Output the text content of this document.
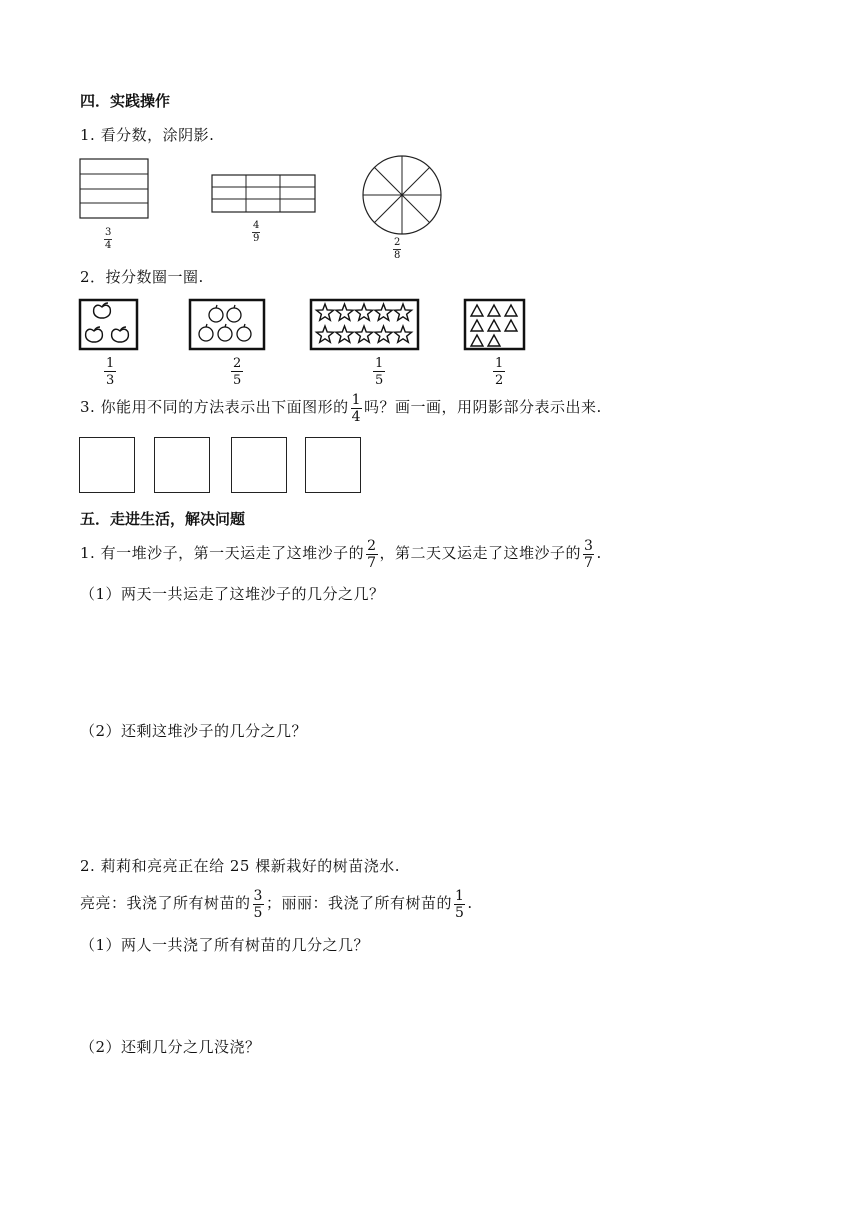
四．实践操作
1. 看分数，涂阴影.
3
4
4
9	2
8
2．按分数圈一圈.
1
3
2
5
1
5
1
2
3. 你能用不同的方法表示出下面图形的 $\frac{1}{4}$ 吗？画一画，用阴影部分表示出来.
五．走进生活，解决问题
1. 有一堆沙子，第一天运走了这堆沙子的 $\frac{2}{7}$ ，第二天又运走了这堆沙子的 $\frac{3}{7}$ .
（1）两天一共运走了这堆沙子的几分之几？
（2）还剩这堆沙子的几分之几？
2. 莉莉和亮亮正在给 25 棵新栽好的树苗浇水.
亮亮：我浇了所有树苗的 $\frac{3}{5}$ ；丽丽：我浇了所有树苗的 $\frac{1}{5}$ .
（1）两人一共浇了所有树苗的几分之几？
（2）还剩几分之几没浇？
